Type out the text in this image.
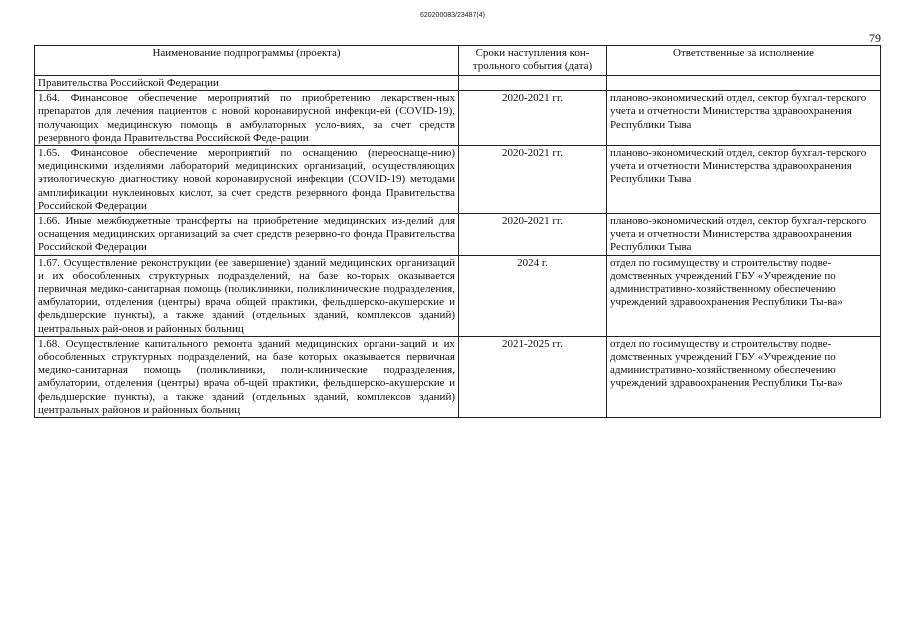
620200083/23487(4)
79
Наименование подпрограммы (проекта)	Сроки наступления кон-трольного события (дата)	Ответственные за исполнение
Правительства Российской Федерации		
1.64. Финансовое обеспечение мероприятий по приобретению лекарствен-ных препаратов для лечения пациентов с новой коронавирусной инфекци-ей (COVID-19), получающих медицинскую помощь в амбулаторных усло-виях, за счет средств резервного фонда Правительства Российской Феде-рации	2020-2021 гг.	планово-экономический отдел, сектор бухгал-терского учета и отчетности Министерства здравоохранения Республики Тыва
1.65. Финансовое обеспечение мероприятий по оснащению (переоснаще-нию) медицинскими изделиями лабораторий медицинских организаций, осуществляющих этиологическую диагностику новой коронавирусной инфекции (COVID-19) методами амплификации нуклеиновых кислот, за счет средств резервного фонда Правительства Российской Федерации	2020-2021 гг.	планово-экономический отдел, сектор бухгал-терского учета и отчетности Министерства здравоохранения Республики Тыва
1.66. Иные межбюджетные трансферты на приобретение медицинских из-делий для оснащения медицинских организаций за счет средств резервно-го фонда Правительства Российской Федерации	2020-2021 гг.	планово-экономический отдел, сектор бухгал-терского учета и отчетности Министерства здравоохранения Республики Тыва
1.67. Осуществление реконструкции (ее завершение) зданий медицинских организаций и их обособленных структурных подразделений, на базе ко-торых оказывается первичная медико-санитарная помощь (поликлиники, поликлинические подразделения, амбулатории, отделения (центры) врача общей практики, фельдшерско-акушерские и фельдшерские пункты), а также зданий (отдельных зданий, комплексов зданий) центральных рай-онов и районных больниц	2024 г.	отдел по госимуществу и строительству подве-домственных учреждений ГБУ «Учреждение по административно-хозяйственному обеспечению учреждений здравоохранения Республики Ты-ва»
1.68. Осуществление капитального ремонта зданий медицинских органи-заций и их обособленных структурных подразделений, на базе которых оказывается первичная медико-санитарная помощь (поликлиники, поли-клинические подразделения, амбулатории, отделения (центры) врача об-щей практики, фельдшерско-акушерские и фельдшерские пункты), а также зданий (отдельных зданий, комплексов зданий) центральных районов и районных больниц	2021-2025 гг.	отдел по госимуществу и строительству подве-домственных учреждений ГБУ «Учреждение по административно-хозяйственному обеспечению учреждений здравоохранения Республики Ты-ва»
